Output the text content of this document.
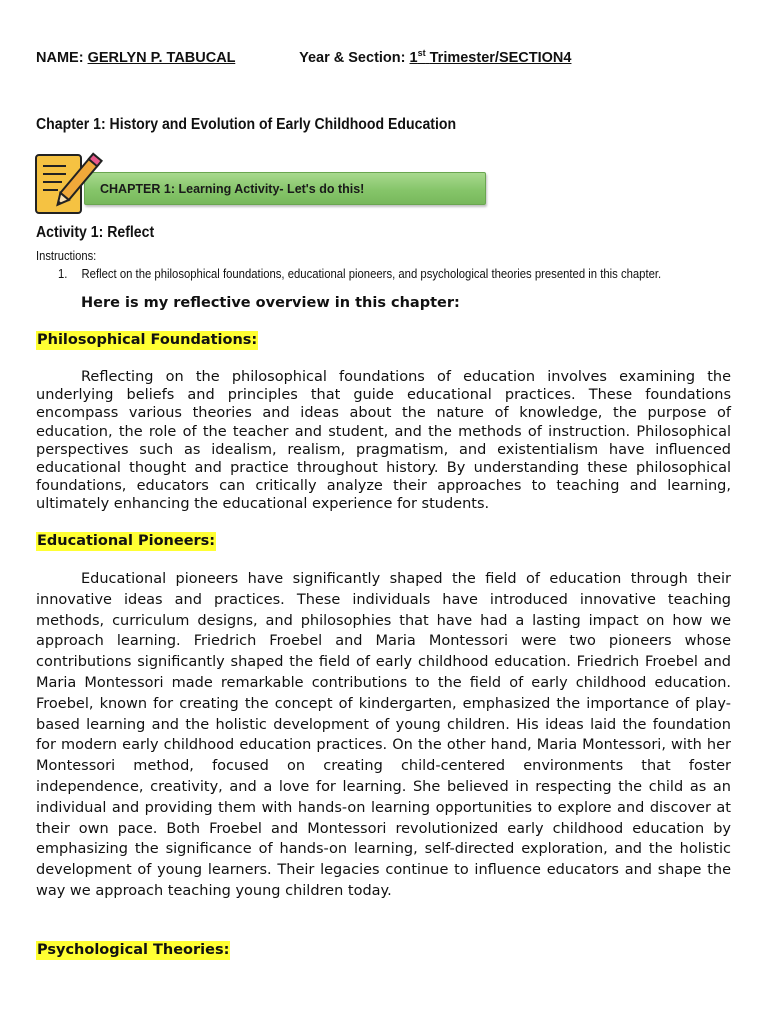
NAME: GERLYN P. TABUCAL	Year & Section: 1st Trimester/SECTION4
Chapter 1: History and Evolution of Early Childhood Education
CHAPTER 1: Learning Activity- Let's do this!
Activity 1: Reflect
Instructions:
1. Reflect on the philosophical foundations, educational pioneers, and psychological theories presented in this chapter.
Here is my reflective overview in this chapter:
Philosophical Foundations:

Reflecting on the philosophical foundations of education involves examining the underlying beliefs and principles that guide educational practices. These foundations encompass various theories and ideas about the nature of knowledge, the purpose of education, the role of the teacher and student, and the methods of instruction. Philosophical perspectives such as idealism, realism, pragmatism, and existentialism have influenced educational thought and practice throughout history. By understanding these philosophical foundations, educators can critically analyze their approaches to teaching and learning, ultimately enhancing the educational experience for students.

Educational Pioneers:

Educational pioneers have significantly shaped the field of education through their innovative ideas and practices. These individuals have introduced innovative teaching methods, curriculum designs, and philosophies that have had a lasting impact on how we approach learning. Friedrich Froebel and Maria Montessori were two pioneers whose contributions significantly shaped the field of early childhood education. Friedrich Froebel and Maria Montessori made remarkable contributions to the field of early childhood education. Froebel, known for creating the concept of kindergarten, emphasized the importance of play-based learning and the holistic development of young children. His ideas laid the foundation for modern early childhood education practices. On the other hand, Maria Montessori, with her Montessori method, focused on creating child-centered environments that foster independence, creativity, and a love for learning. She believed in respecting the child as an individual and providing them with hands-on learning opportunities to explore and discover at their own pace. Both Froebel and Montessori revolutionized early childhood education by emphasizing the significance of hands-on learning, self-directed exploration, and the holistic development of young learners. Their legacies continue to influence educators and shape the way we approach teaching young children today.

Psychological Theories:
